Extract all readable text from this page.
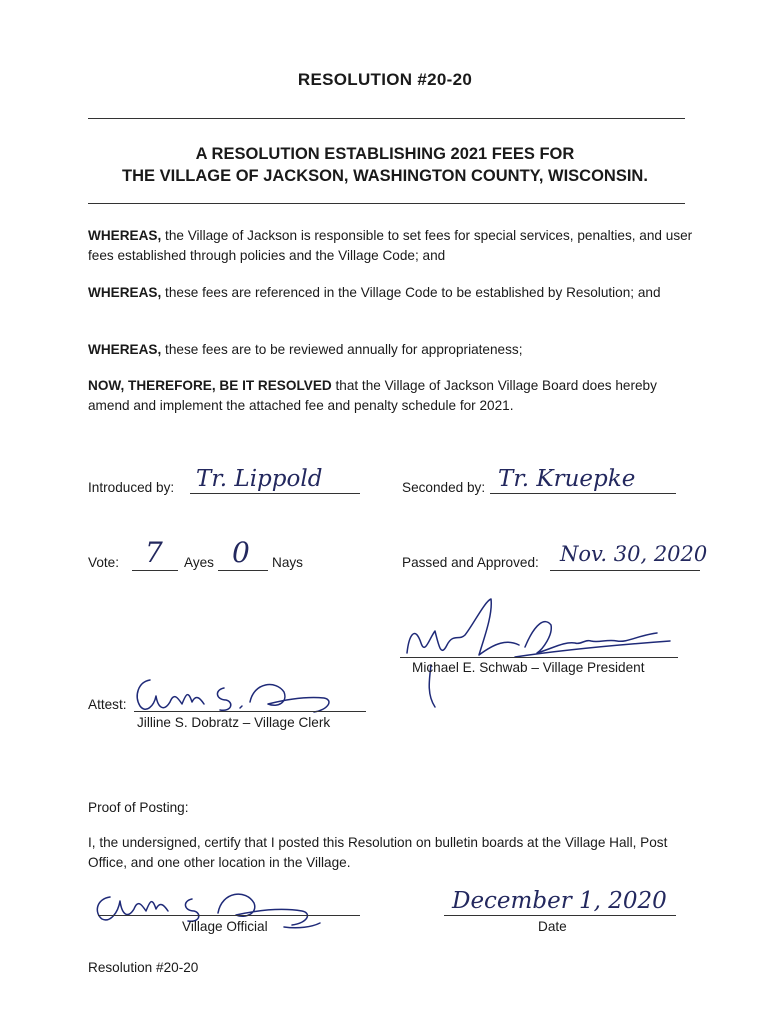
RESOLUTION #20-20
A RESOLUTION ESTABLISHING 2021 FEES FOR
THE VILLAGE OF JACKSON, WASHINGTON COUNTY, WISCONSIN.
WHEREAS, the Village of Jackson is responsible to set fees for special services, penalties, and user fees established through policies and the Village Code; and
WHEREAS, these fees are referenced in the Village Code to be established by Resolution; and
WHEREAS, these fees are to be reviewed annually for appropriateness;
NOW, THEREFORE, BE IT RESOLVED that the Village of Jackson Village Board does hereby amend and implement the attached fee and penalty schedule for 2021.
Introduced by: Tr. Lippold	Seconded by: Tr. Kruepke
Vote: 7 Ayes 0 Nays	Passed and Approved: Nov. 30, 2020
Michael E. Schwab – Village President
Attest:
Jilline S. Dobratz – Village Clerk
Proof of Posting:
I, the undersigned, certify that I posted this Resolution on bulletin boards at the Village Hall, Post Office, and one other location in the Village.
Village Official
December 1, 2020
Date
Resolution #20-20
